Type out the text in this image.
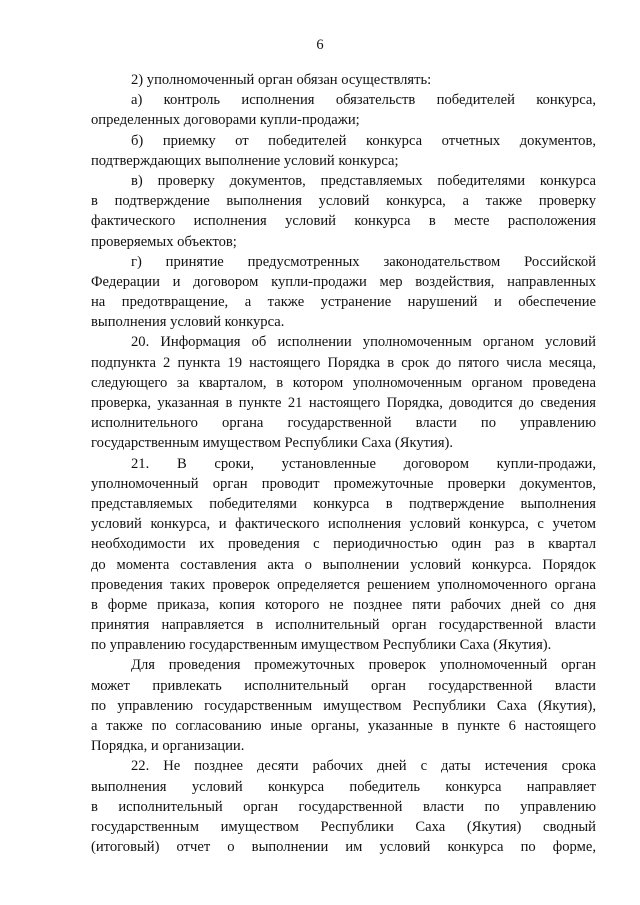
6
2) уполномоченный орган обязан осуществлять:
а) контроль исполнения обязательств победителей конкурса,
определенных договорами купли-продажи;
б) приемку от победителей конкурса отчетных документов,
подтверждающих выполнение условий конкурса;
в) проверку документов, представляемых победителями конкурса
в подтверждение выполнения условий конкурса, а также проверку
фактического исполнения условий конкурса в месте расположения
проверяемых объектов;
г) принятие предусмотренных законодательством Российской
Федерации и договором купли-продажи мер воздействия, направленных
на предотвращение, а также устранение нарушений и обеспечение
выполнения условий конкурса.
20. Информация об исполнении уполномоченным органом условий
подпункта 2 пункта 19 настоящего Порядка в срок до пятого числа месяца,
следующего за кварталом, в котором уполномоченным органом проведена
проверка, указанная в пункте 21 настоящего Порядка, доводится до сведения
исполнительного органа государственной власти по управлению
государственным имуществом Республики Саха (Якутия).
21. В сроки, установленные договором купли-продажи,
уполномоченный орган проводит промежуточные проверки документов,
представляемых победителями конкурса в подтверждение выполнения
условий конкурса, и фактического исполнения условий конкурса, с учетом
необходимости их проведения с периодичностью один раз в квартал
до момента составления акта о выполнении условий конкурса. Порядок
проведения таких проверок определяется решением уполномоченного органа
в форме приказа, копия которого не позднее пяти рабочих дней со дня
принятия направляется в исполнительный орган государственной власти
по управлению государственным имуществом Республики Саха (Якутия).
Для проведения промежуточных проверок уполномоченный орган
может привлекать исполнительный орган государственной власти
по управлению государственным имуществом Республики Саха (Якутия),
а также по согласованию иные органы, указанные в пункте 6 настоящего
Порядка, и организации.
22. Не позднее десяти рабочих дней с даты истечения срока
выполнения условий конкурса победитель конкурса направляет
в исполнительный орган государственной власти по управлению
государственным имуществом Республики Саха (Якутия) сводный
(итоговый) отчет о выполнении им условий конкурса по форме,
